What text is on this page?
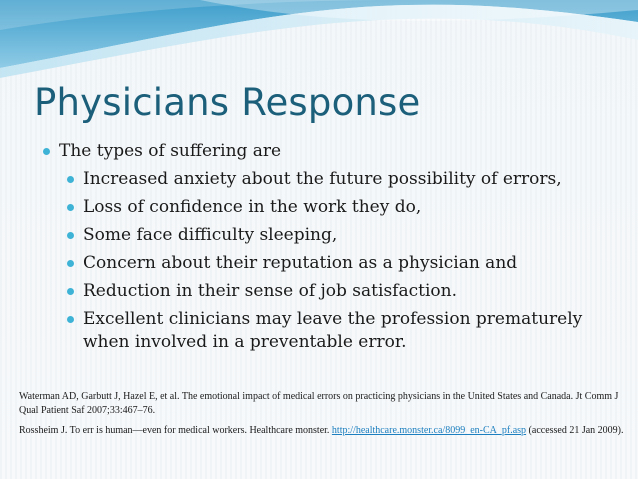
Physicians Response
The types of suffering are
Increased anxiety about the future possibility of errors,
Loss of confidence in the work they do,
Some face difficulty sleeping,
Concern about their reputation as a physician and
Reduction in their sense of job satisfaction.
Excellent clinicians may leave the profession prematurely when involved in a preventable error.
Waterman AD, Garbutt J, Hazel E, et al. The emotional impact of medical errors on practicing physicians in the United States and Canada. Jt Comm J Qual Patient Saf 2007;33:467–76.
Rossheim J. To err is human—even for medical workers. Healthcare monster. http://healthcare.monster.ca/8099_en-CA_pf.asp (accessed 21 Jan 2009).
